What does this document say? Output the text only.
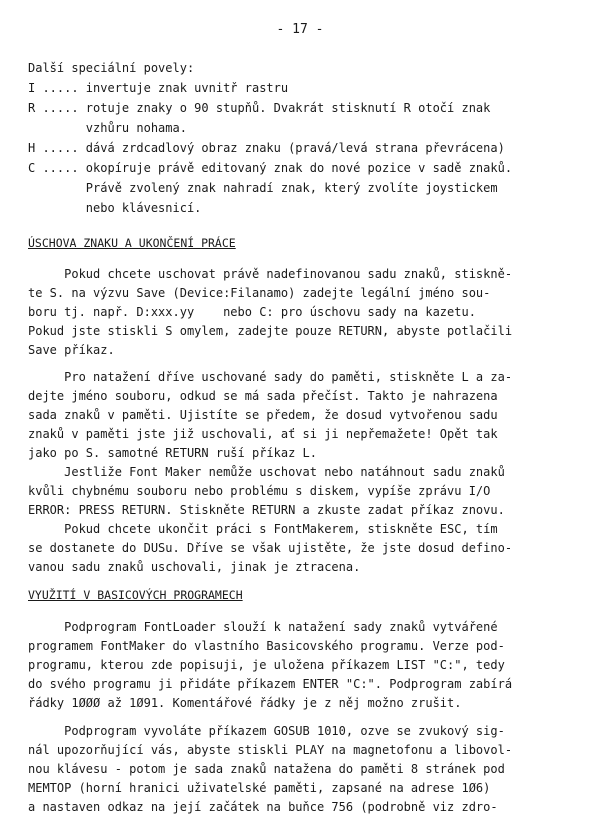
- 17 -
Další speciální povely:
I ..... invertuje znak uvnitř rastru
R ..... rotuje znaky o 90 stupňů. Dvakrát stisknutí R otočí znak
vzhůru nohama.
H ..... dává zrdcadlový obraz znaku (pravá/levá strana převrácena)
C ..... okopíruje právě editovaný znak do nové pozice v sadě znaků.
Právě zvolený znak nahradí znak, který zvolíte joystickem
nebo klávesnicí.
ÚSCHOVA ZNAKU A UKONČENÍ PRÁCE
Pokud chcete uschovat právě nadefinovanou sadu znaků, stiskně-
te S. na výzvu Save (Device:Filanamo) zadejte legální jméno sou-
boru tj. např. D:xxx.yy    nebo C: pro úschovu sady na kazetu.
Pokud jste stiskli S omylem, zadejte pouze RETURN, abyste potlačili
Save příkaz.
Pro natažení dříve uschované sady do paměti, stiskněte L a za-
dejte jméno souboru, odkud se má sada přečíst. Takto je nahrazena
sada znaků v paměti. Ujistíte se předem, že dosud vytvořenou sadu
znaků v paměti jste již uschovali, ať si ji nepřemažete! Opět tak
jako po S. samotné RETURN ruší příkaz L.
Jestliže Font Maker nemůže uschovat nebo natáhnout sadu znaků
kvůli chybnému souboru nebo problému s diskem, vypíše zprávu I/O
ERROR: PRESS RETURN. Stiskněte RETURN a zkuste zadat příkaz znovu.
Pokud chcete ukončit práci s FontMakerem, stiskněte ESC, tím
se dostanete do DUSu. Dříve se však ujistěte, že jste dosud defino-
vanou sadu znaků uschovali, jinak je ztracena.
VYUŽITÍ V BASICOVÝCH PROGRAMECH
Podprogram FontLoader slouží k natažení sady znaků vytvářené
programem FontMaker do vlastního Basicovského programu. Verze pod-
programu, kterou zde popisuji, je uložena příkazem LIST "C:", tedy
do svého programu ji přidáte příkazem ENTER "C:". Podprogram zabírá
řádky 1ØØØ až 1Ø91. Komentářové řádky je z něj možno zrušit.
Podprogram vyvoláte příkazem GOSUB 1010, ozve se zvukový sig-
nál upozorňující vás, abyste stiskli PLAY na magnetofonu a libovol-
nou klávesu - potom je sada znaků natažena do paměti 8 stránek pod
MEMTOP (horní hranici uživatelské paměti, zapsané na adrese 1Ø6)
a nastaven odkaz na její začátek na buňce 756 (podrobně viz zdro-
